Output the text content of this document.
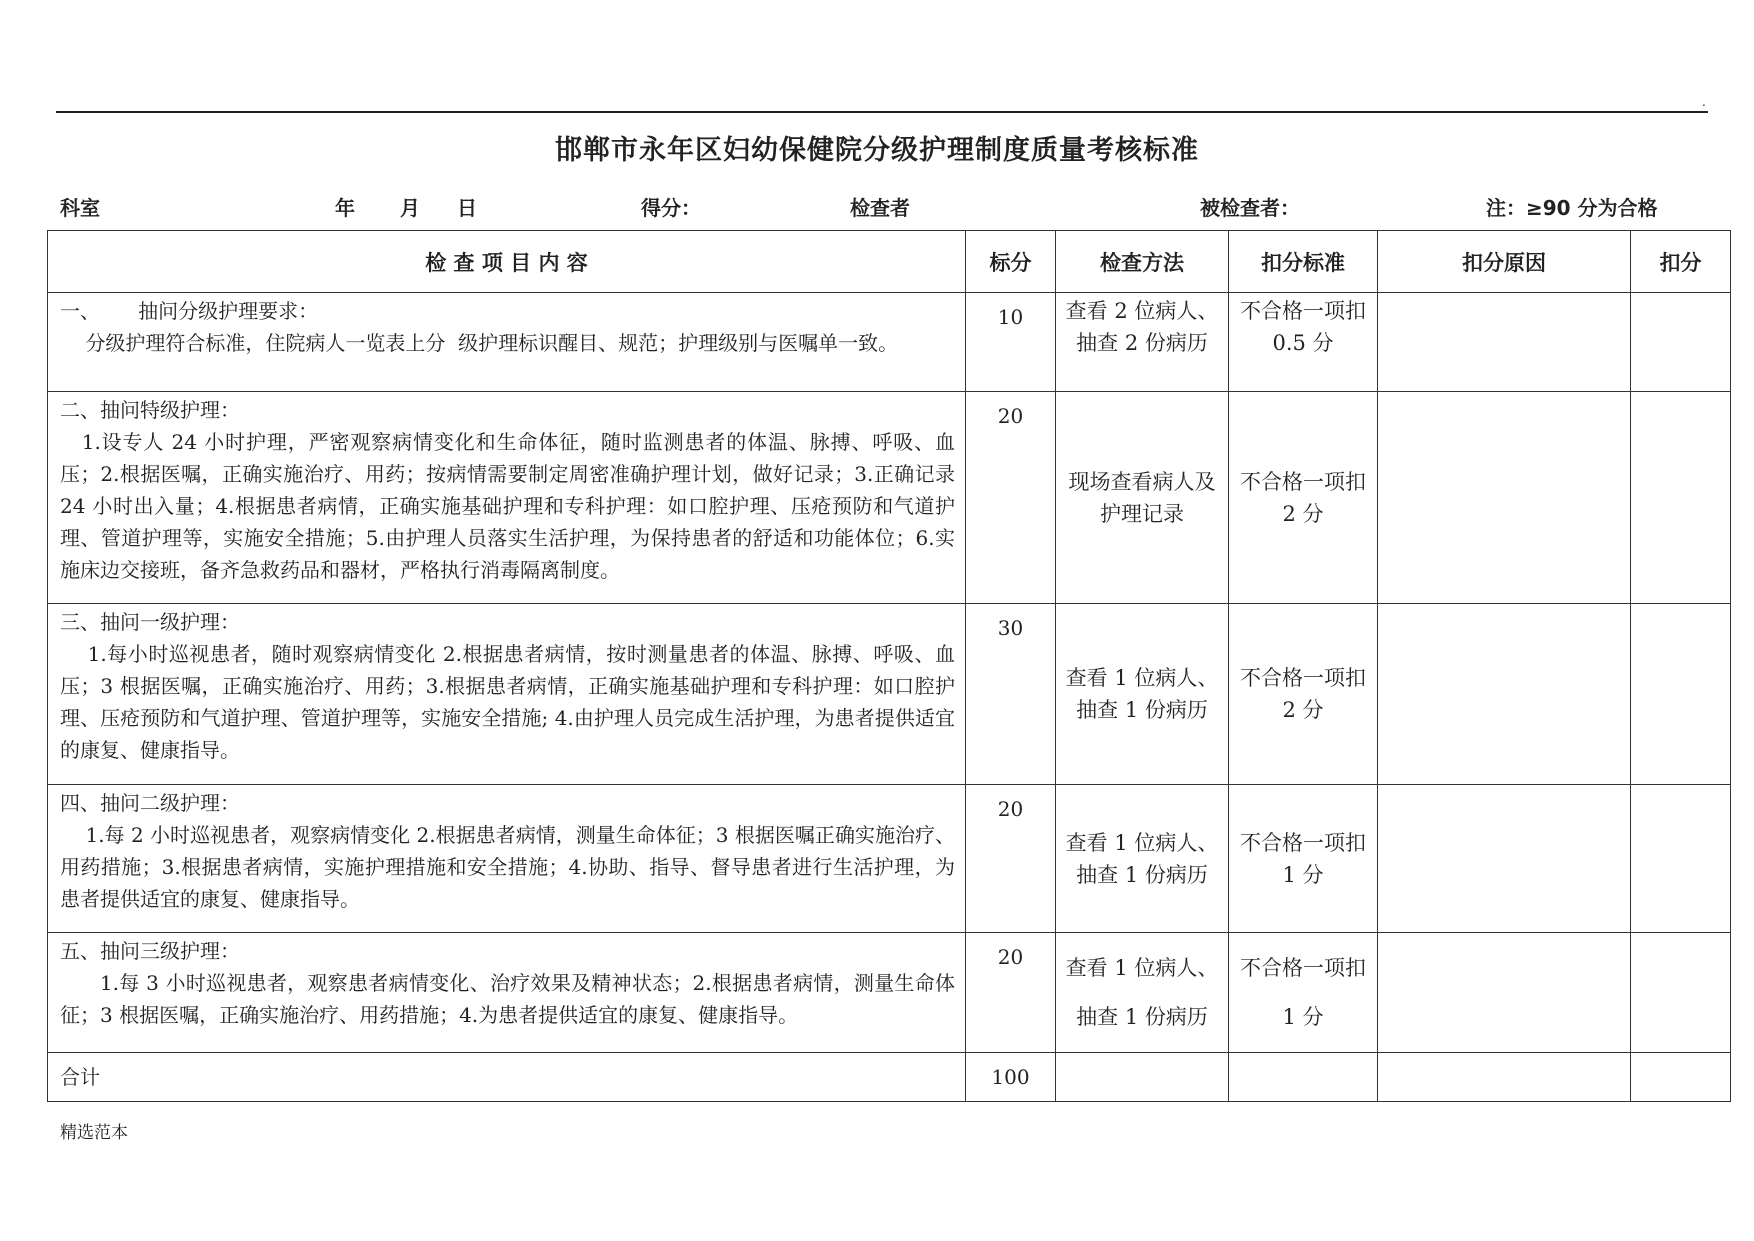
.
邯郸市永年区妇幼保健院分级护理制度质量考核标准
科室	年 月 日	得分：	检查者	被检查者：	注：≥90 分为合格
检 查 项 目 内 容	标分	检查方法	扣分标准	扣分原因	扣分

一、      抽问分级护理要求：
分级护理符合标准，住院病人一览表上分  级护理标识醒目、规范；护理级别与医嘱单一致。	10	查看 2 位病人、抽查 2 份病历	不合格一项扣 0.5 分		

二、抽问特级护理：
1.设专人 24 小时护理，严密观察病情变化和生命体征，随时监测患者的体温、脉搏、呼吸、血压；2.根据医嘱，正确实施治疗、用药；按病情需要制定周密准确护理计划，做好记录；3.正确记录 24 小时出入量；4.根据患者病情，正确实施基础护理和专科护理：如口腔护理、压疮预防和气道护理、管道护理等，实施安全措施；5.由护理人员落实生活护理，为保持患者的舒适和功能体位；6.实施床边交接班，备齐急救药品和器材，严格执行消毒隔离制度。	20	现场查看病人及护理记录	不合格一项扣 2 分		

三、抽问一级护理：
1.每小时巡视患者，随时观察病情变化 2.根据患者病情，按时测量患者的体温、脉搏、呼吸、血压；3 根据医嘱，正确实施治疗、用药；3.根据患者病情，正确实施基础护理和专科护理：如口腔护理、压疮预防和气道护理、管道护理等，实施安全措施; 4.由护理人员完成生活护理，为患者提供适宜的康复、健康指导。	30	查看 1 位病人、抽查 1 份病历	不合格一项扣 2 分		

四、抽问二级护理：
1.每 2 小时巡视患者，观察病情变化 2.根据患者病情，测量生命体征；3 根据医嘱正确实施治疗、用药措施；3.根据患者病情，实施护理措施和安全措施；4.协助、指导、督导患者进行生活护理，为患者提供适宜的康复、健康指导。	20	查看 1 位病人、抽查 1 份病历	不合格一项扣 1 分		

五、抽问三级护理：
1.每 3 小时巡视患者，观察患者病情变化、治疗效果及精神状态；2.根据患者病情，测量生命体征；3 根据医嘱，正确实施治疗、用药措施；4.为患者提供适宜的康复、健康指导。	20	查看 1 位病人、抽查 1 份病历	不合格一项扣 1 分		
合计	100				
精选范本
